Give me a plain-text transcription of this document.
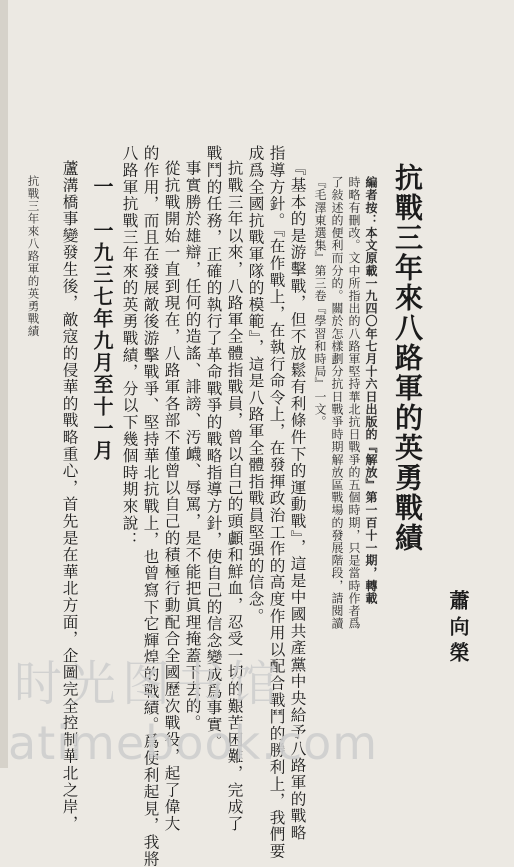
抗戰三年來八路軍的英勇戰績
蕭向榮
編者按：本文原載一九四〇年七月十六日出版的『解放』第一百十一期，轉載
時略有刪改。文中所指出的八路軍堅持華北抗日戰爭的五個時期，只是當時作者爲
了敍述的便利而分的。關於怎樣劃分抗日戰爭時期解放區戰場的發展階段，請閱讀
『毛澤東選集』第三卷『學習和時局』一文。
『基本的是游擊戰，但不放鬆有利條件下的運動戰』，這是中國共產黨中央給予八路軍的戰略
指導方針。『在作戰上，在執行命令上，在發揮政治工作的高度作用以配合戰鬥的勝利上，我們要
成爲全國抗戰軍隊的模範』，這是八路軍全體指戰員堅强的信念。
抗戰三年以來，八路軍全體指戰員，曾以自己的頭顱和鮮血，忍受一切的艱苦困難，完成了
戰鬥的任務，正確的執行了革命戰爭的戰略指導方針，使自己的信念變成爲事實。
事實勝於雄辯，任何的造謠、誹謗、汚衊、辱罵，是不能把眞理掩蓋下去的。
從抗戰開始一直到現在，八路軍各部不僅曾以自己的積極行動配合全國歷次戰役，起了偉大
的作用，而且在發展敵後游擊戰爭、堅持華北抗戰上，也曾寫下它輝煌的戰績。爲便利起見，我將
八路軍抗戰三年來的英勇戰績，分以下幾個時期來說：
一
一九三七年九月至十一月
蘆溝橋事變發生後，敵寇的侵華的戰略重心，首先是在華北方面，企圖完全控制華北之岸，
抗戰三年來八路軍的英勇戰績
时光图书馆
atimebook.com
